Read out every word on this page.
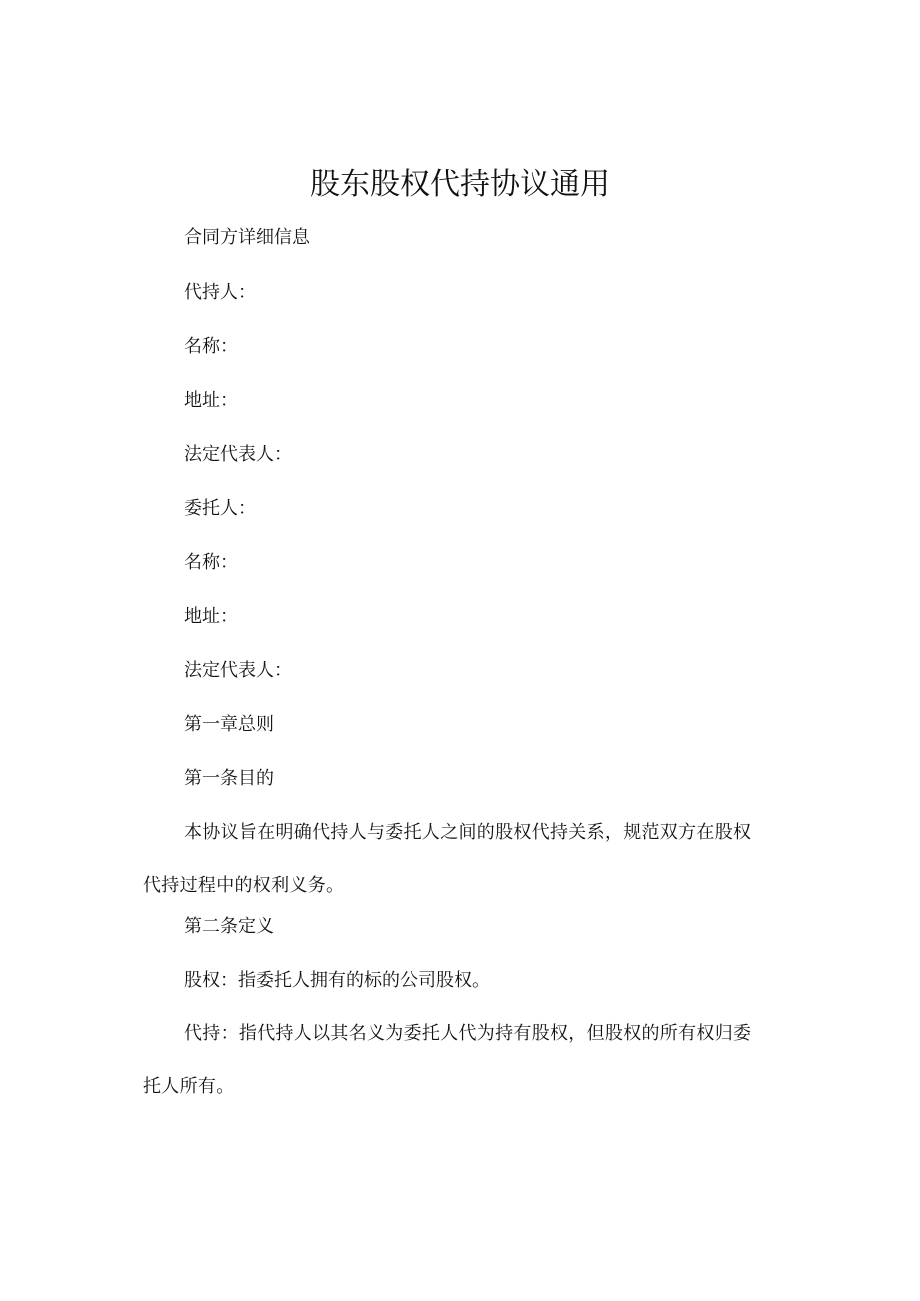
股东股权代持协议通用

合同方详细信息

代持人：

名称：

地址：

法定代表人：

委托人：

名称：

地址：

法定代表人：

第一章总则

第一条目的

本协议旨在明确代持人与委托人之间的股权代持关系，规范双方在股权代持过程中的权利义务。

第二条定义

股权：指委托人拥有的标的公司股权。

代持：指代持人以其名义为委托人代为持有股权，但股权的所有权归委托人所有。
